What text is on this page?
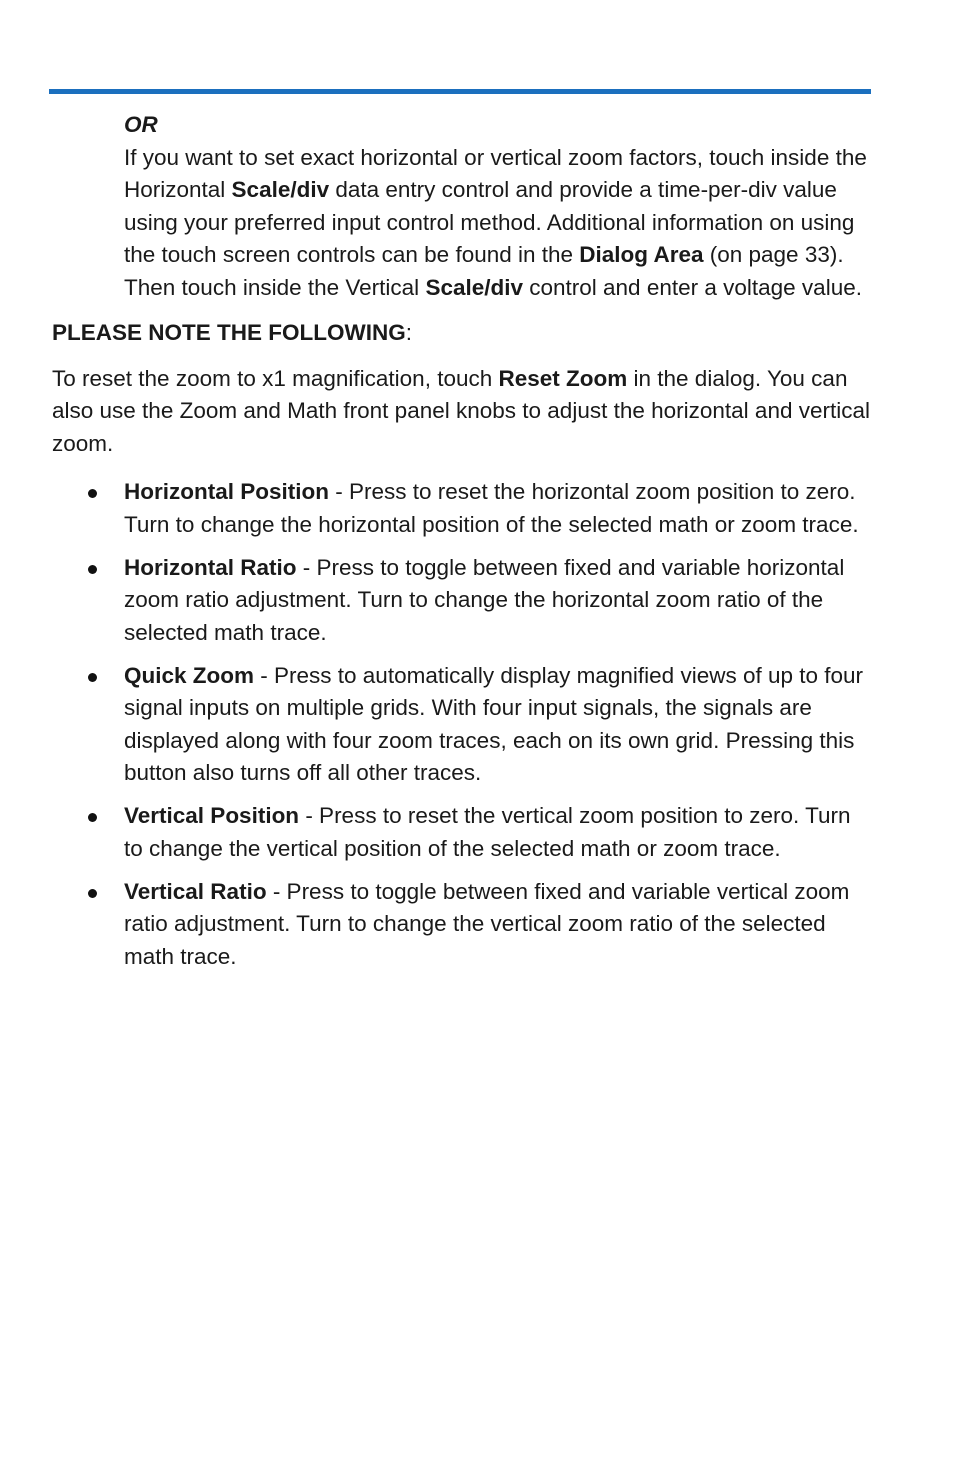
OR

If you want to set exact horizontal or vertical zoom factors, touch inside the Horizontal Scale/div data entry control and provide a time-per-div value using your preferred input control method. Additional information on using the touch screen controls can be found in the Dialog Area (on page 33). Then touch inside the Vertical Scale/div control and enter a voltage value.

PLEASE NOTE THE FOLLOWING:

To reset the zoom to x1 magnification, touch Reset Zoom in the dialog. You can also use the Zoom and Math front panel knobs to adjust the horizontal and vertical zoom.

Horizontal Position - Press to reset the horizontal zoom position to zero. Turn to change the horizontal position of the selected math or zoom trace.
Horizontal Ratio - Press to toggle between fixed and variable horizontal zoom ratio adjustment. Turn to change the horizontal zoom ratio of the selected math trace.
Quick Zoom - Press to automatically display magnified views of up to four signal inputs on multiple grids. With four input signals, the signals are displayed along with four zoom traces, each on its own grid. Pressing this button also turns off all other traces.
Vertical Position - Press to reset the vertical zoom position to zero. Turn to change the vertical position of the selected math or zoom trace.
Vertical Ratio - Press to toggle between fixed and variable vertical zoom ratio adjustment. Turn to change the vertical zoom ratio of the selected math trace.
